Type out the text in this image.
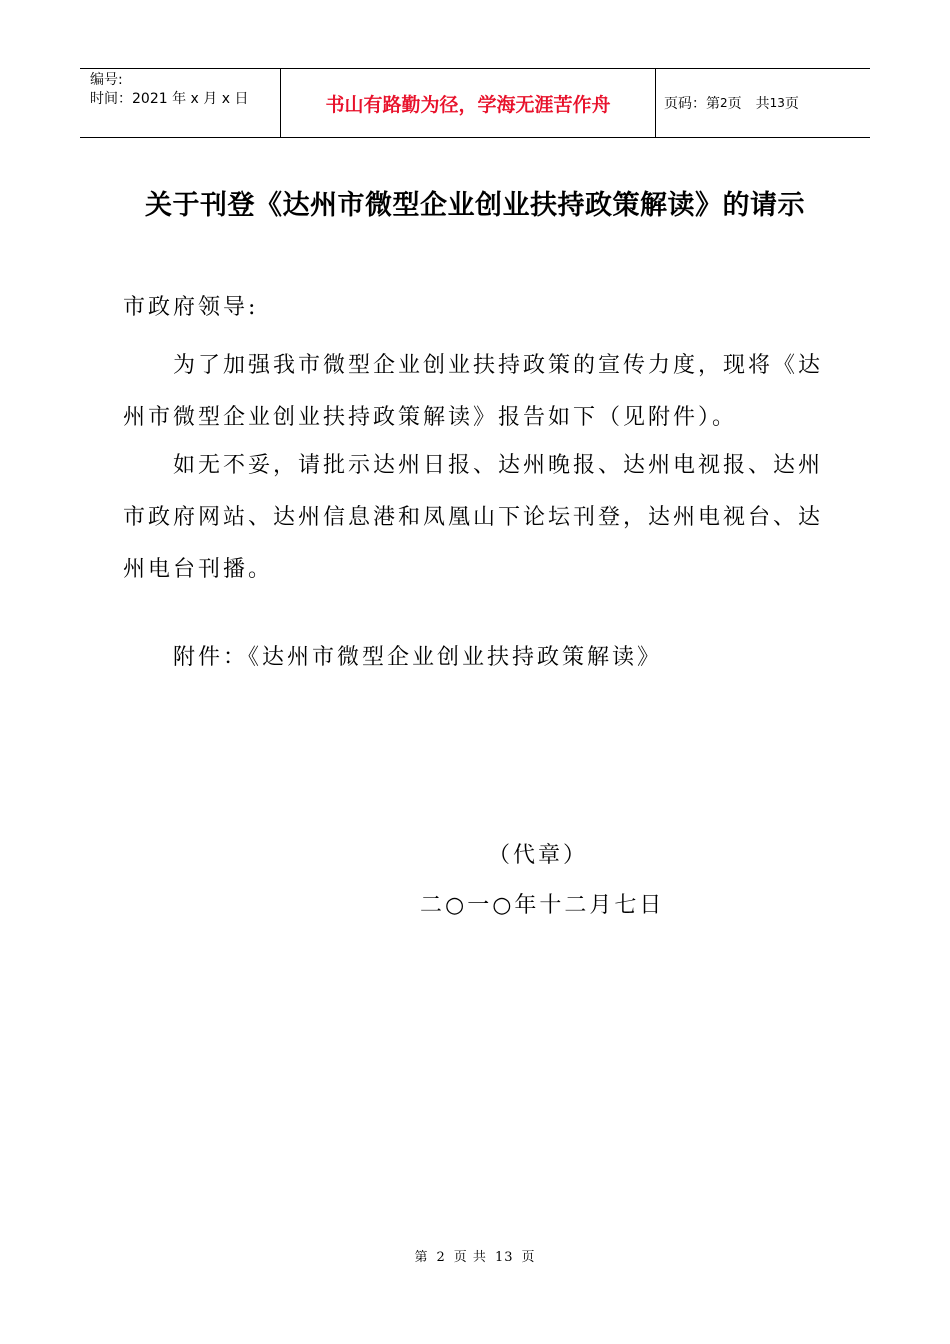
编号:
时间：2021 年 x 月 x 日	书山有路勤为径，学海无涯苦作舟	页码：第 2 页　共 13 页
关于刊登《达州市微型企业创业扶持政策解读》的请示
市政府领导:
为了加强我市微型企业创业扶持政策的宣传力度，现将《达州市微型企业创业扶持政策解读》报告如下（见附件）。
如无不妥，请批示达州日报、达州晚报、达州电视报、达州市政府网站、达州信息港和凤凰山下论坛刊登，达州电视台、达州电台刊播。
附件：《达州市微型企业创业扶持政策解读》
（代章）
二○一○年十二月七日
第 2 页 共 13 页
